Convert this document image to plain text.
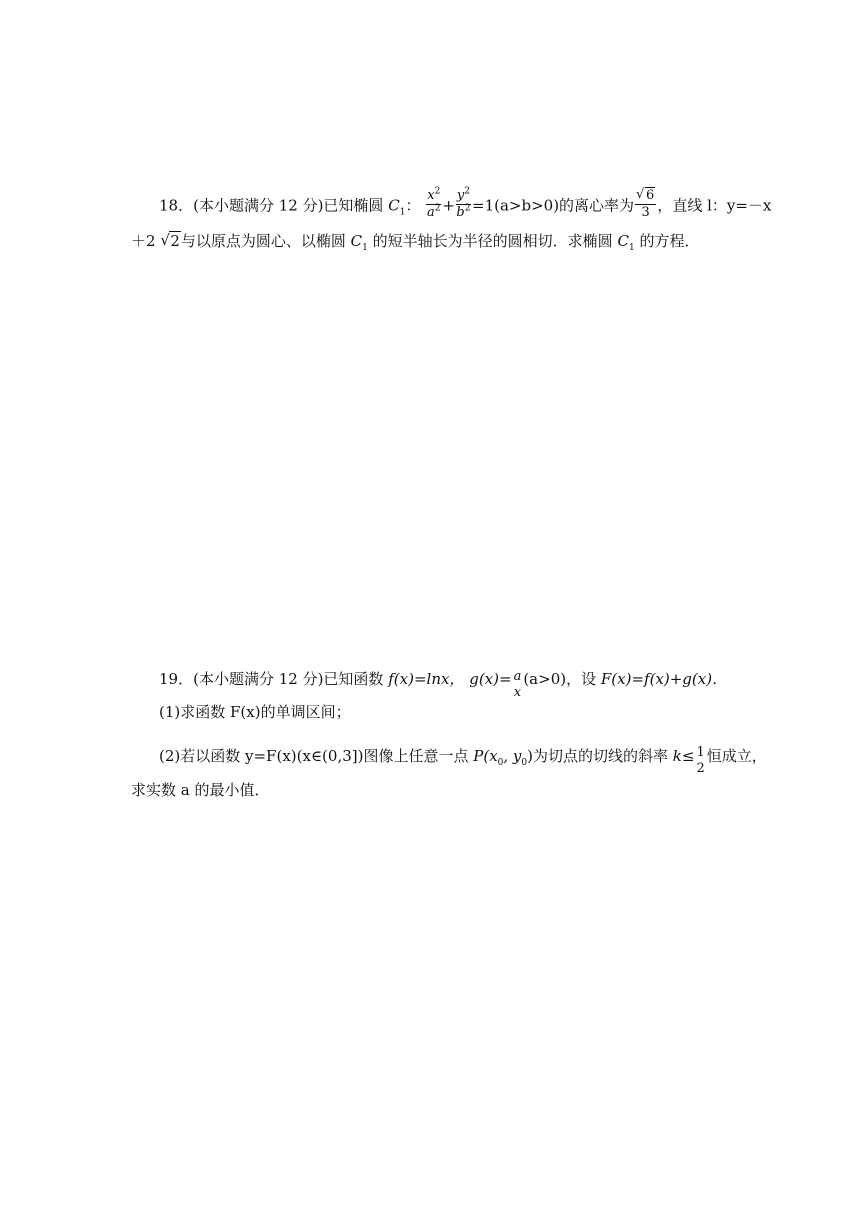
18．(本小题满分 12 分)已知椭圆 $C_1$： $\frac{x^2}{a^2} + \frac{y^2}{b^2} =1(a>b>0)$的离心率为 √ $\frac{6}{3}$ ，直线 l：y=－x
＋2 √ 2与以原点为圆心、以椭圆 $C_1$ 的短半轴长为半径的圆相切．求椭圆 $C_1$ 的方程．
19．(本小题满分 12 分)已知函数 f(x)=lnx， g(x)= a
x
(a>0)，设 F(x)=f(x)+g(x)．
(1)求函数 F(x)的单调区间；
(2)若以函数 y=F(x)(x∈(0,3])图像上任意一点 $P(x_0$, $y_0$)为切点的切线的斜率 k≤ 1
2
恒成立，
求实数 a 的最小值．
